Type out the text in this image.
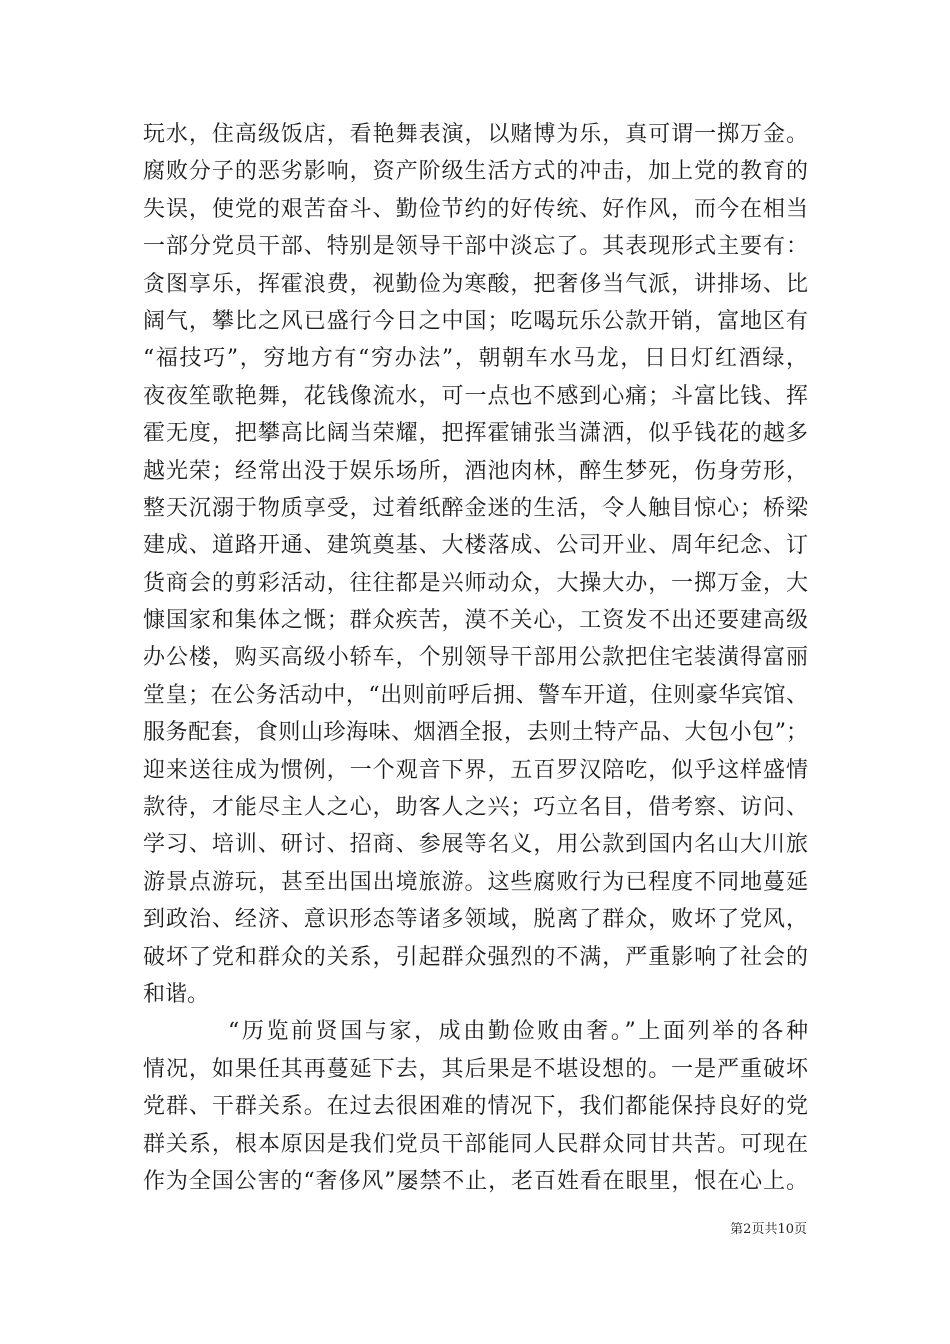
玩水，住高级饭店，看艳舞表演，以赌博为乐，真可谓一掷万金。
腐败分子的恶劣影响，资产阶级生活方式的冲击，加上党的教育的
失误，使党的艰苦奋斗、勤俭节约的好传统、好作风，而今在相当
一部分党员干部、特别是领导干部中淡忘了。其表现形式主要有：
贪图享乐，挥霍浪费，视勤俭为寒酸，把奢侈当气派，讲排场、比
阔气，攀比之风已盛行今日之中国；吃喝玩乐公款开销，富地区有
“福技巧”，穷地方有“穷办法”，朝朝车水马龙，日日灯红酒绿，
夜夜笙歌艳舞，花钱像流水，可一点也不感到心痛；斗富比钱、挥
霍无度，把攀高比阔当荣耀，把挥霍铺张当潇洒，似乎钱花的越多
越光荣；经常出没于娱乐场所，酒池肉林，醉生梦死，伤身劳形，
整天沉溺于物质享受，过着纸醉金迷的生活，令人触目惊心；桥梁
建成、道路开通、建筑奠基、大楼落成、公司开业、周年纪念、订
货商会的剪彩活动，往往都是兴师动众，大操大办，一掷万金，大
慷国家和集体之慨；群众疾苦，漠不关心，工资发不出还要建高级
办公楼，购买高级小轿车，个别领导干部用公款把住宅装潢得富丽
堂皇；在公务活动中，“出则前呼后拥、警车开道，住则豪华宾馆、
服务配套，食则山珍海味、烟酒全报，去则土特产品、大包小包”；
迎来送往成为惯例，一个观音下界，五百罗汉陪吃，似乎这样盛情
款待，才能尽主人之心，助客人之兴；巧立名目，借考察、访问、
学习、培训、研讨、招商、参展等名义，用公款到国内名山大川旅
游景点游玩，甚至出国出境旅游。这些腐败行为已程度不同地蔓延
到政治、经济、意识形态等诸多领域，脱离了群众，败坏了党风，
破坏了党和群众的关系，引起群众强烈的不满，严重影响了社会的
和谐。
“历览前贤国与家，成由勤俭败由奢。”上面列举的各种
情况，如果任其再蔓延下去，其后果是不堪设想的。一是严重破坏
党群、干群关系。在过去很困难的情况下，我们都能保持良好的党
群关系，根本原因是我们党员干部能同人民群众同甘共苦。可现在
作为全国公害的“奢侈风”屡禁不止，老百姓看在眼里，恨在心上。
第2页共10页
